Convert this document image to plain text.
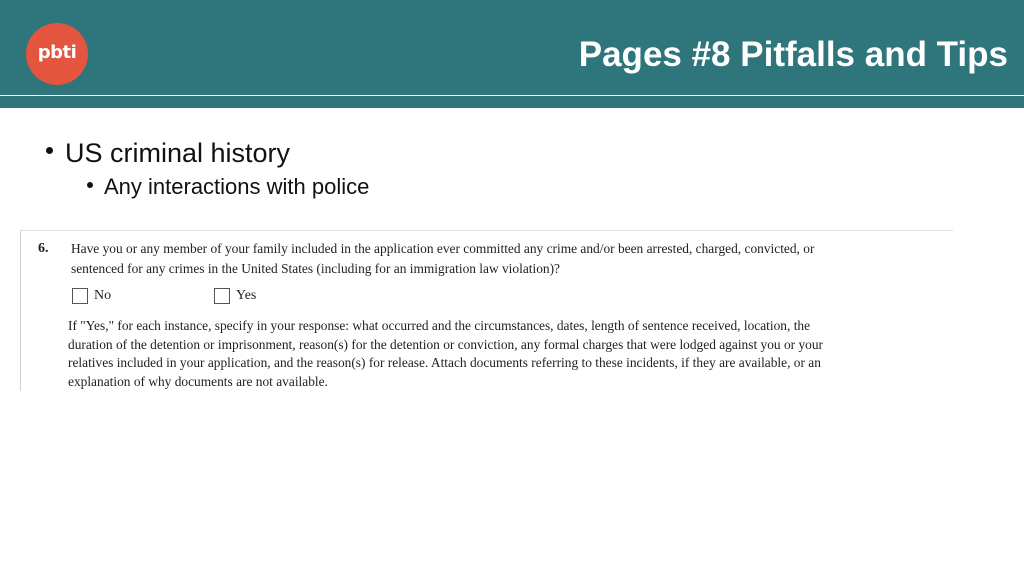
pbti	Pages #8 Pitfalls and Tips
US criminal history
Any interactions with police
6. Have you or any member of your family included in the application ever committed any crime and/or been arrested, charged, convicted, or
sentenced for any crimes in the United States (including for an immigration law violation)?
No	Yes
If "Yes," for each instance, specify in your response: what occurred and the circumstances, dates, length of sentence received, location, the
duration of the detention or imprisonment, reason(s) for the detention or conviction, any formal charges that were lodged against you or your
relatives included in your application, and the reason(s) for release. Attach documents referring to these incidents, if they are available, or an
explanation of why documents are not available.
